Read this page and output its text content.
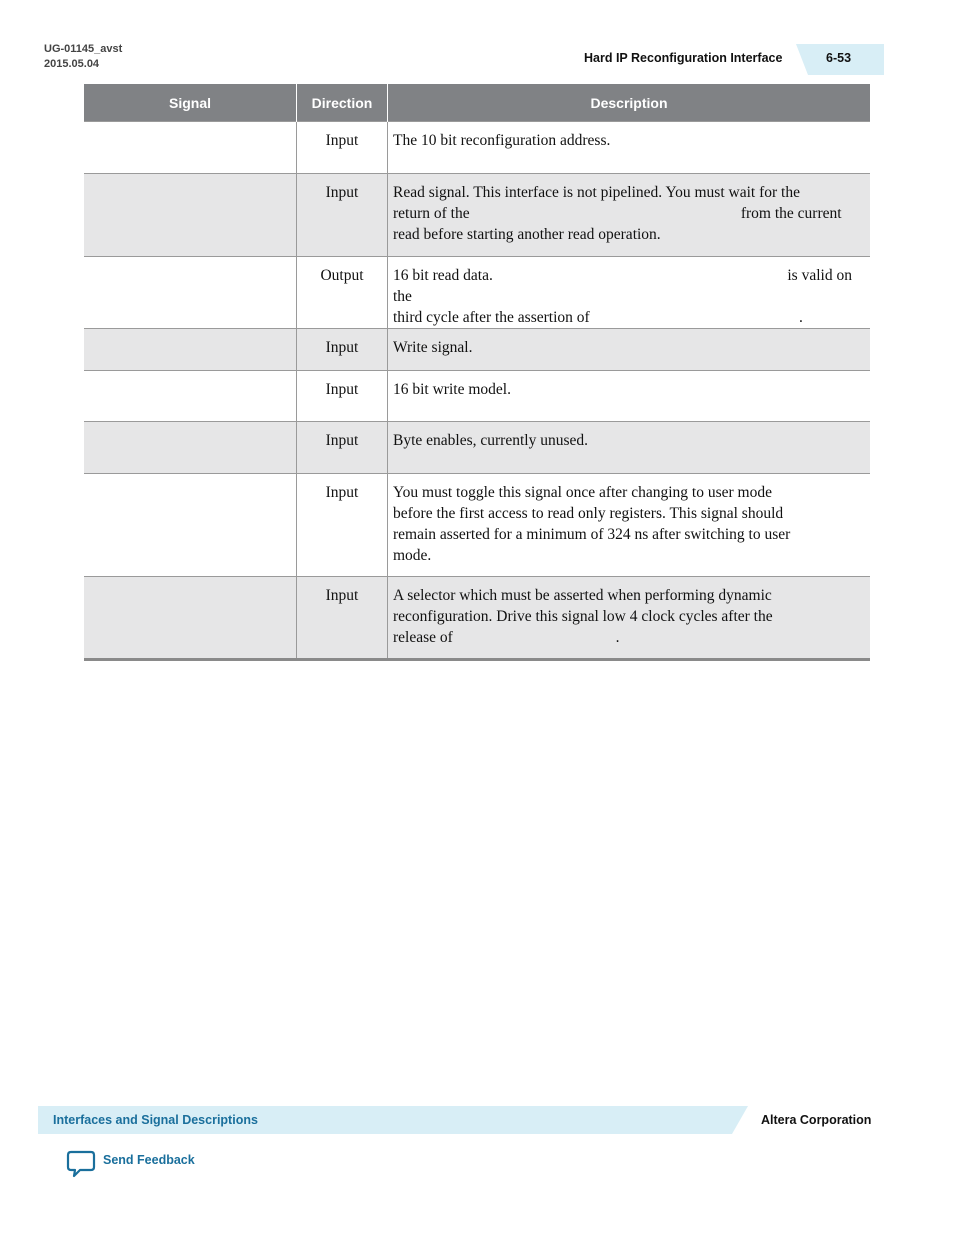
UG-01145_avst
2015.05.04	Hard IP Reconfiguration Interface	6-53
Signal	Direction	Description
	Input	The 10 bit reconfiguration address.
	Input	Read signal. This interface is not pipelined. You must wait for the
return of the from the current
read before starting another read operation.
	Output	16 bit read data. is valid on the
third cycle after the assertion of .
	Input	Write signal.
	Input	16 bit write model.
	Input	Byte enables, currently unused.
	Input	You must toggle this signal once after changing to user mode
before the first access to read only registers. This signal should
remain asserted for a minimum of 324 ns after switching to user
mode.
	Input	A selector which must be asserted when performing dynamic
reconfiguration. Drive this signal low 4 clock cycles after the
release of .
Interfaces and Signal Descriptions	Altera Corporation
Send Feedback
